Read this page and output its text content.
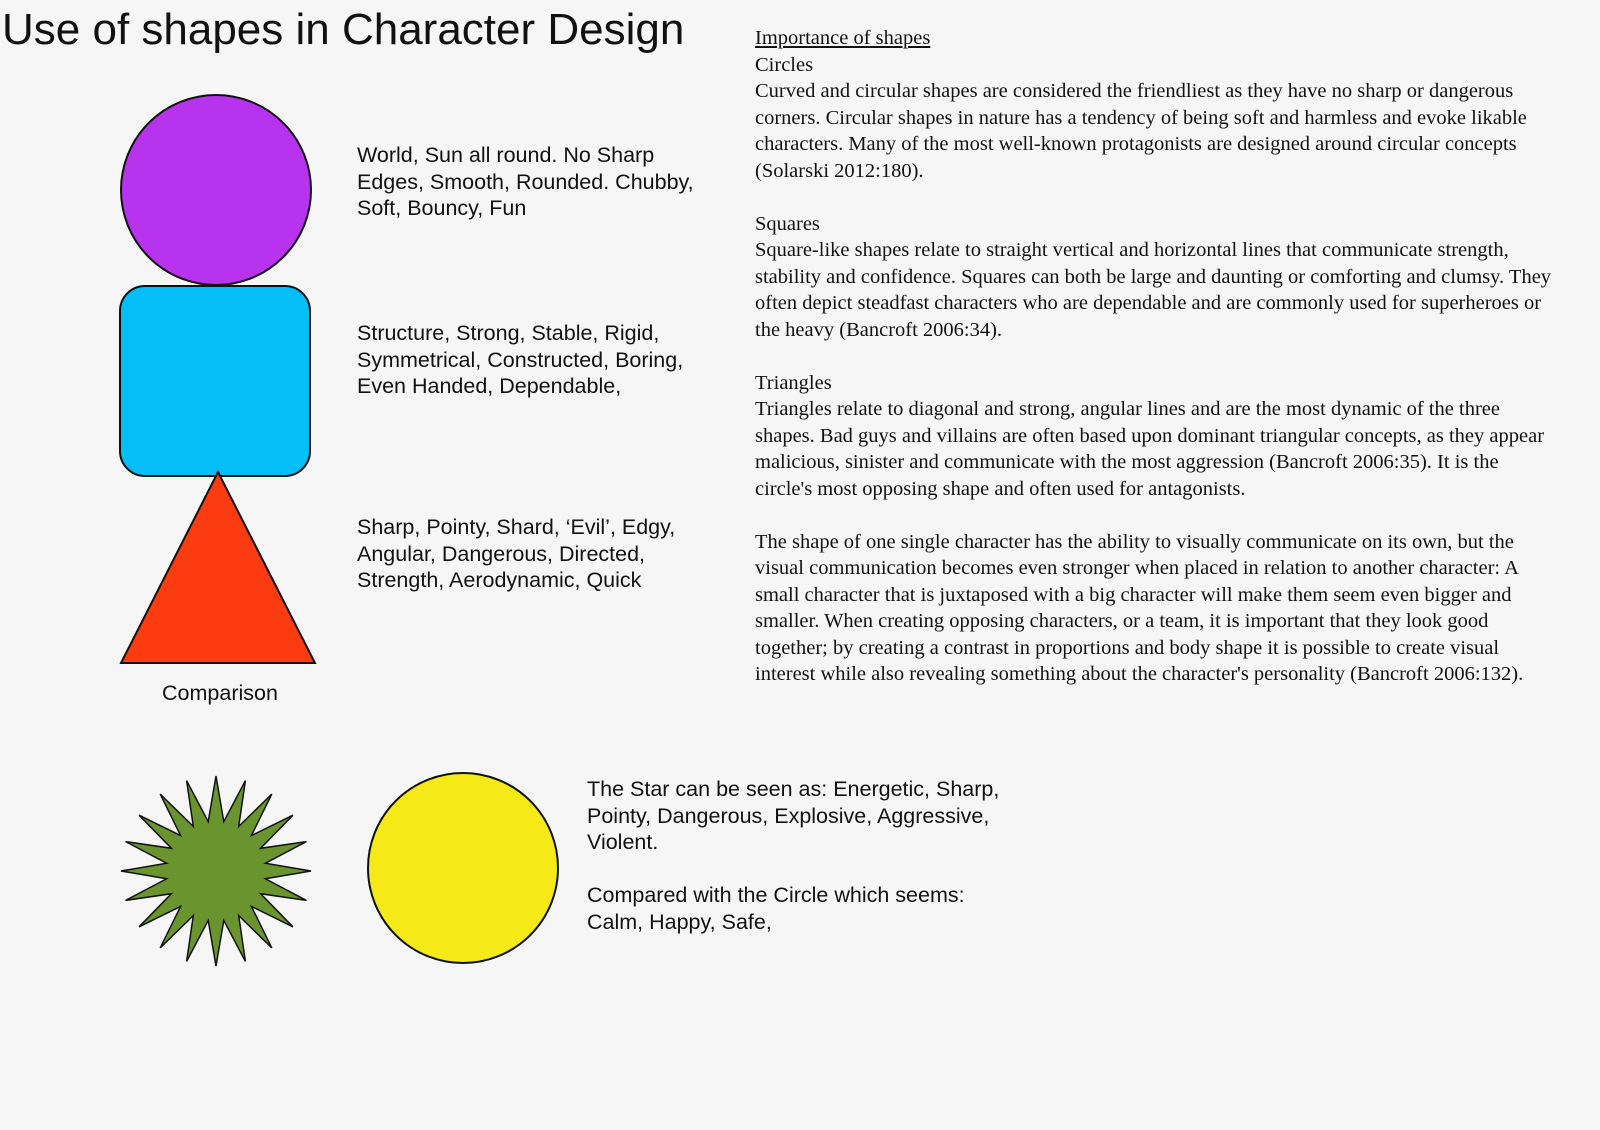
Use of shapes in Character Design
World, Sun all round. No Sharp
Edges, Smooth, Rounded. Chubby,
Soft, Bouncy, Fun
Structure, Strong, Stable, Rigid,
Symmetrical, Constructed, Boring,
Even Handed, Dependable,
Sharp, Pointy, Shard, ‘Evil’, Edgy,
Angular, Dangerous, Directed,
Strength, Aerodynamic, Quick
Comparison

Importance of shapes

Circles

Curved and circular shapes are considered the friendliest as they have no sharp or dangerous corners. Circular shapes in nature has a tendency of being soft and harmless and evoke likable characters. Many of the most well-known protagonists are designed around circular concepts (Solarski 2012:180).

Squares

Square-like shapes relate to straight vertical and horizontal lines that communicate strength, stability and confidence. Squares can both be large and daunting or comforting and clumsy. They often depict steadfast characters who are dependable and are commonly used for superheroes or the heavy (Bancroft 2006:34).

Triangles

Triangles relate to diagonal and strong, angular lines and are the most dynamic of the three shapes. Bad guys and villains are often based upon dominant triangular concepts, as they appear malicious, sinister and communicate with the most aggression (Bancroft 2006:35). It is the circle's most opposing shape and often used for antagonists.

The shape of one single character has the ability to visually communicate on its own, but the visual communication becomes even stronger when placed in relation to another character: A small character that is juxtaposed with a big character will make them seem even bigger and smaller. When creating opposing characters, or a team, it is important that they look good together; by creating a contrast in proportions and body shape it is possible to create visual interest while also revealing something about the character's personality (Bancroft 2006:132).

The Star can be seen as: Energetic, Sharp, Pointy, Dangerous, Explosive, Aggressive, Violent.

Compared with the Circle which seems: Calm, Happy, Safe,
